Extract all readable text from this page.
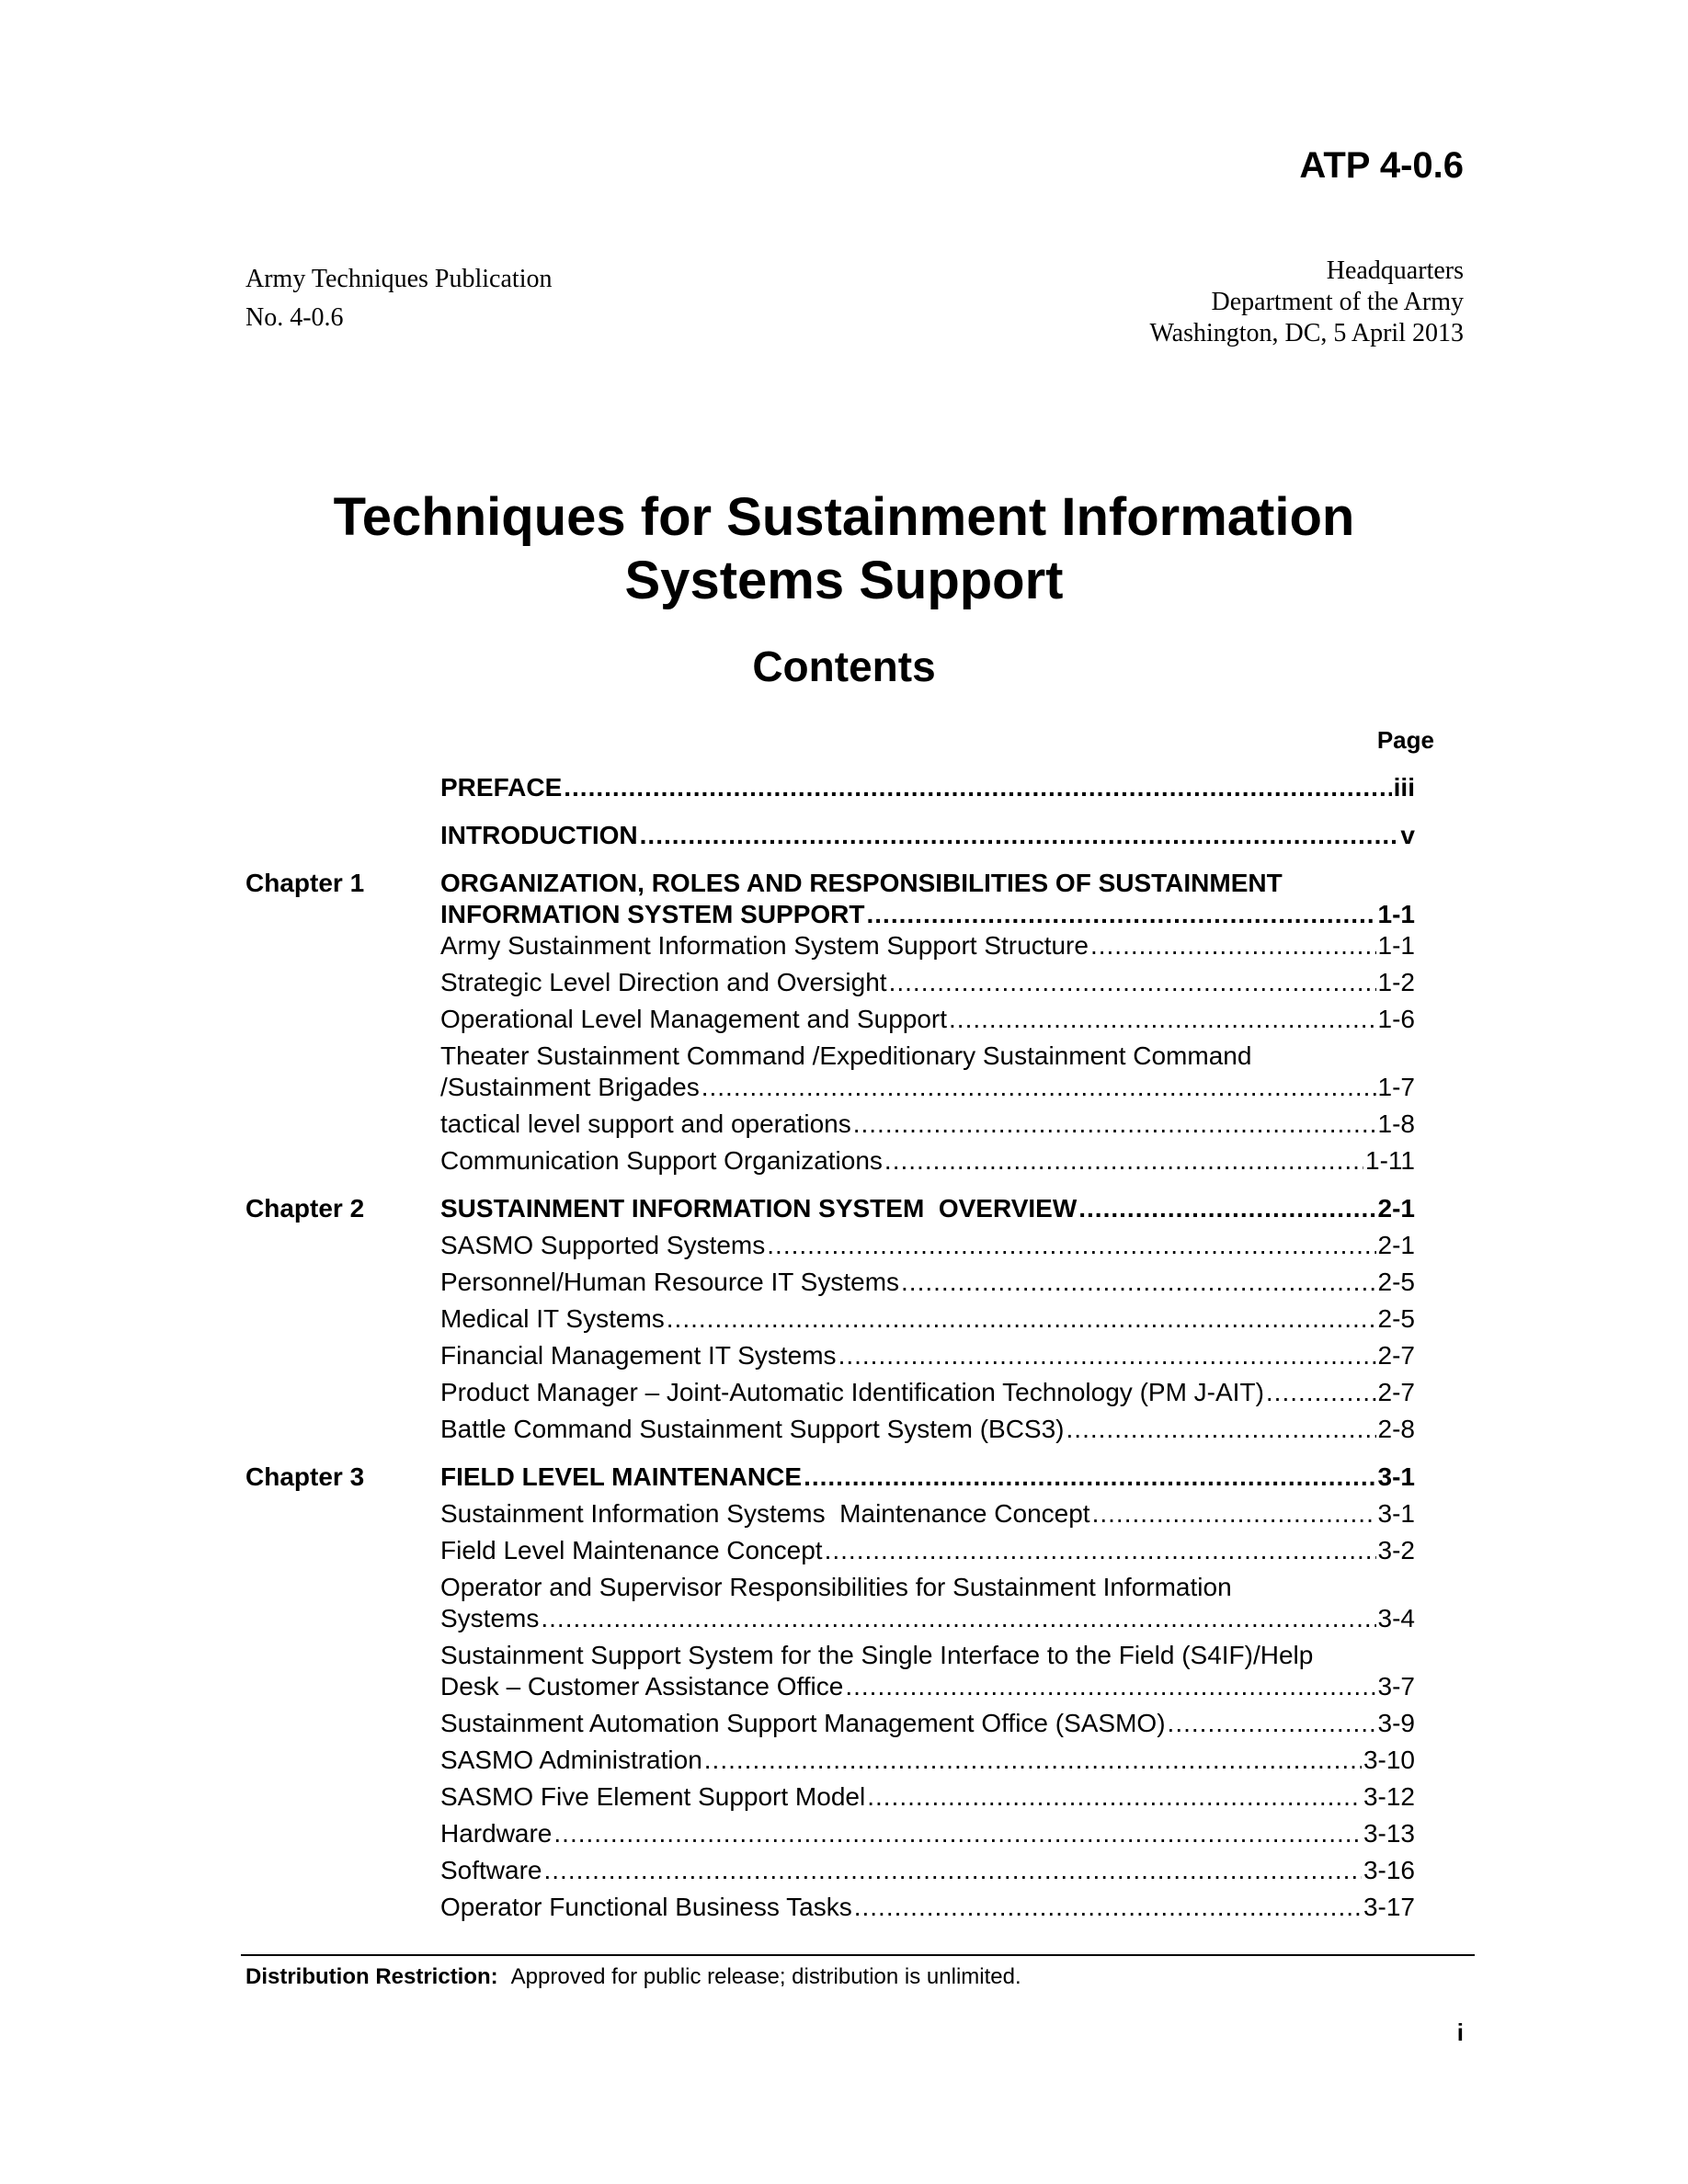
ATP 4-0.6
Army Techniques Publication
No. 4-0.6
Headquarters
Department of the Army
Washington, DC, 5 April 2013
Techniques for Sustainment Information
Systems Support
Contents
Page
PREFACE .....	iii
INTRODUCTION .....	v
Chapter 1	ORGANIZATION, ROLES AND RESPONSIBILITIES OF SUSTAINMENT
INFORMATION SYSTEM SUPPORT .....	1-1
Army Sustainment Information System Support Structure .....	1-1
Strategic Level Direction and Oversight .....	1-2
Operational Level Management and Support .....	1-6
Theater Sustainment Command /Expeditionary Sustainment Command
/Sustainment Brigades .....	1-7
tactical level support and operations .....	1-8
Communication Support Organizations .....	1-11
Chapter 2	SUSTAINMENT INFORMATION SYSTEM  OVERVIEW .....	2-1
SASMO Supported Systems .....	2-1
Personnel/Human Resource IT Systems .....	2-5
Medical IT Systems .....	2-5
Financial Management IT Systems .....	2-7
Product Manager – Joint-Automatic Identification Technology (PM J-AIT) .....	2-7
Battle Command Sustainment Support System (BCS3) .....	2-8
Chapter 3	FIELD LEVEL MAINTENANCE .....	3-1
Sustainment Information Systems  Maintenance Concept .....	3-1
Field Level Maintenance Concept .....	3-2
Operator and Supervisor Responsibilities for Sustainment Information
Systems .....	3-4
Sustainment Support System for the Single Interface to the Field (S4IF)/Help
Desk – Customer Assistance Office .....	3-7
Sustainment Automation Support Management Office (SASMO) .....	3-9
SASMO Administration .....	3-10
SASMO Five Element Support Model .....	3-12
Hardware .....	3-13
Software .....	3-16
Operator Functional Business Tasks .....	3-17
Distribution Restriction: Approved for public release; distribution is unlimited.
i
